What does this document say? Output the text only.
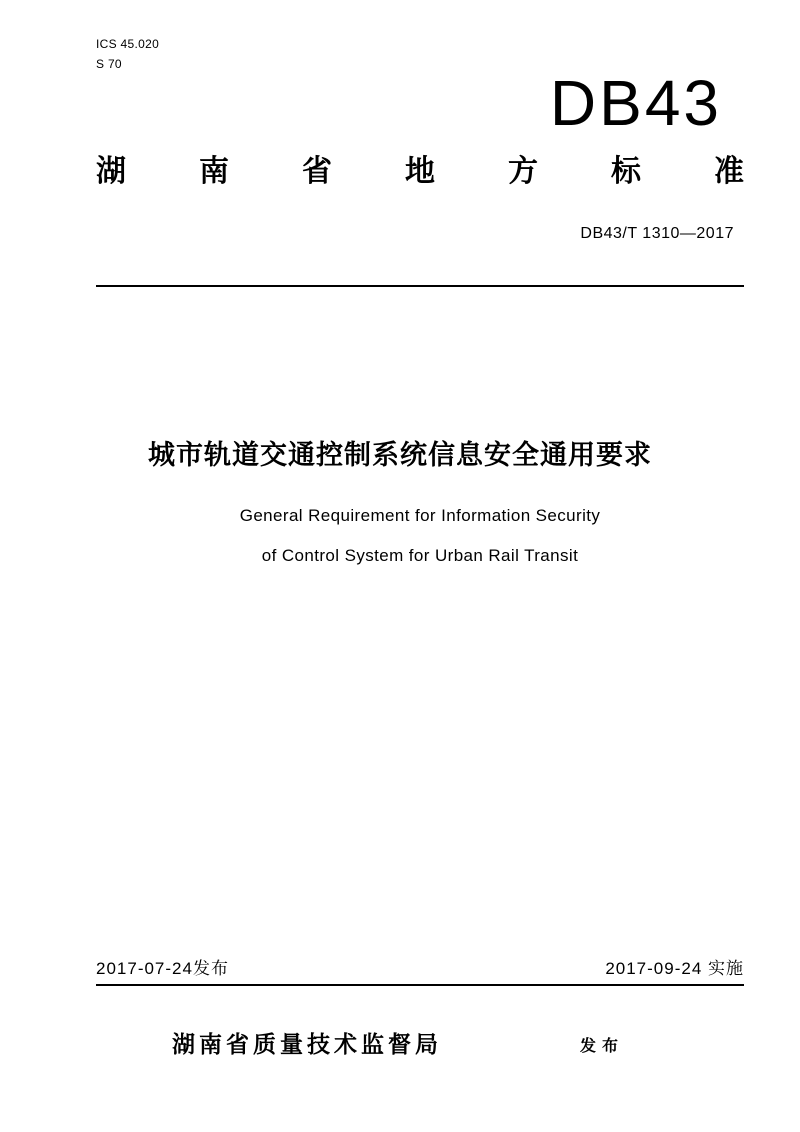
ICS 45.020
S 70
DB43
湖 南 省 地 方 标 准
DB43/T 1310—2017
城市轨道交通控制系统信息安全通用要求
General Requirement for Information Security
of Control System for Urban Rail Transit
2017-07-24发布	2017-09-24 实施
湖南省质量技术监督局	发布
